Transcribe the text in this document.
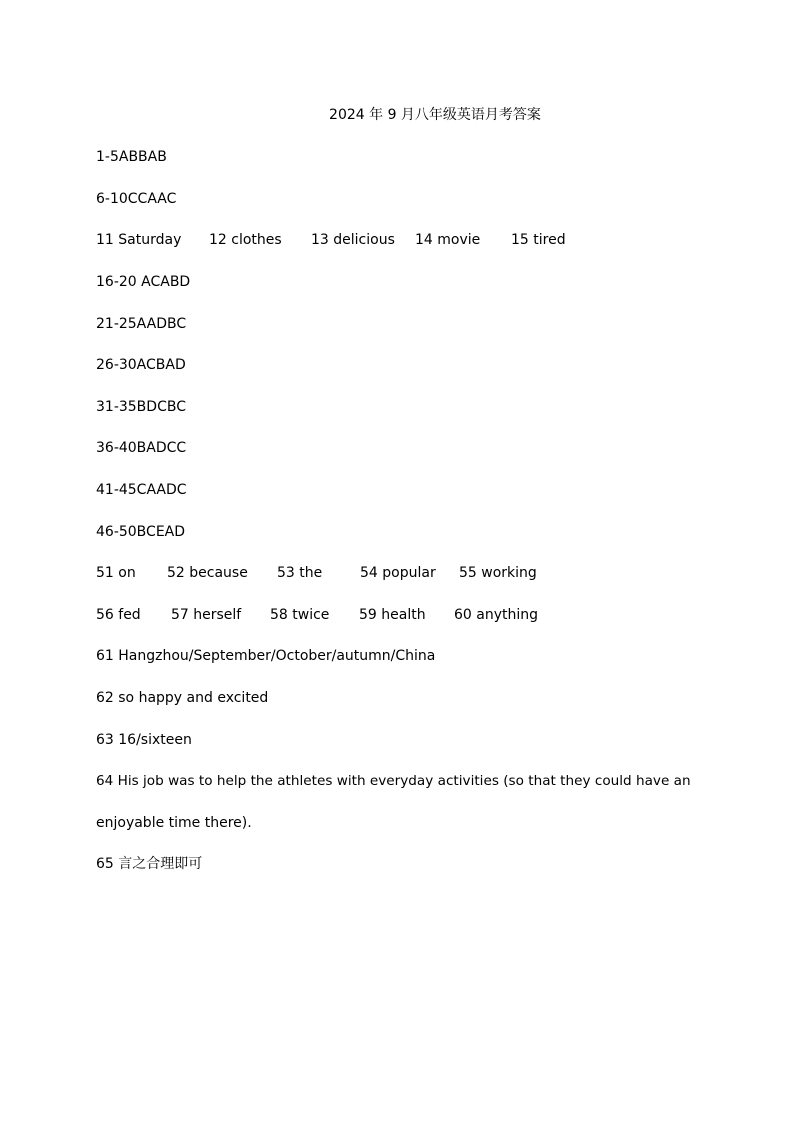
2024 年 9 月八年级英语月考答案
1-5ABBAB
6-10CCAAC
11 Saturday 12 clothes 13 delicious 14 movie 15 tired
16-20 ACABD
21-25AADBC
26-30ACBAD
31-35BDCBC
36-40BADCC
41-45CAADC
46-50BCEAD
51 on 52 because 53 the	54 popular 55 working
56 fed 57 herself 58 twice 59 health 60 anything
61 Hangzhou/September/October/autumn/China
62 so happy and excited
63 16/sixteen
64 His job was to help the athletes with everyday activities (so that they could have an
enjoyable time there).
65 言之合理即可
